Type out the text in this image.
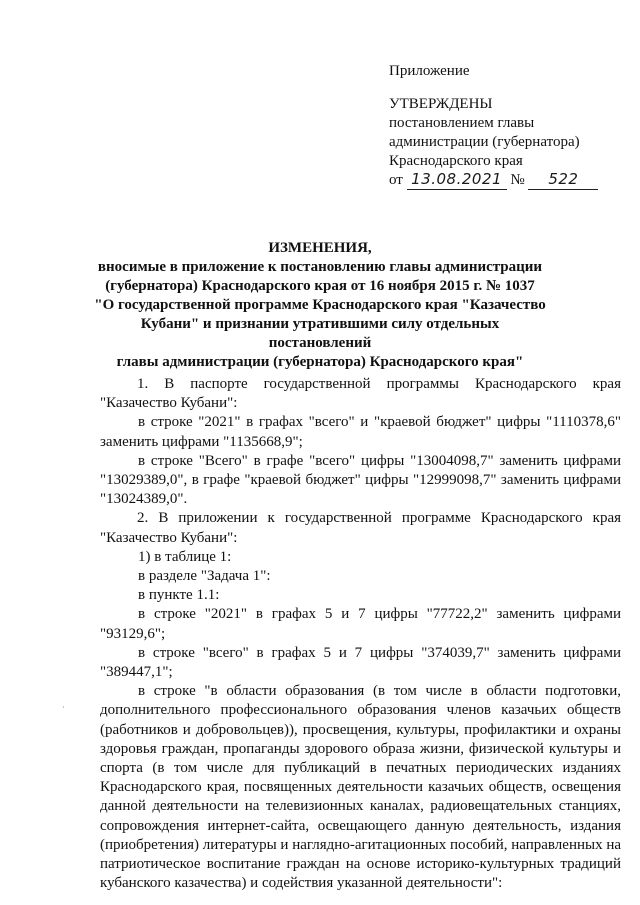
Приложение
УТВЕРЖДЕНЫ
постановлением главы
администрации (губернатора)
Краснодарского края
от 13.08.2021 № 522
ИЗМЕНЕНИЯ,
вносимые в приложение к постановлению главы администрации
(губернатора) Краснодарского края от 16 ноября 2015 г. № 1037
"О государственной программе Краснодарского края "Казачество
Кубани" и признании утратившими силу отдельных постановлений
главы администрации (губернатора) Краснодарского края"

1. В паспорте государственной программы Краснодарского края "Казачество Кубани":

в строке "2021" в графах "всего" и "краевой бюджет" цифры "1110378,6" заменить цифрами "1135668,9";

в строке "Всего" в графе "всего" цифры "13004098,7" заменить цифрами "13029389,0", в графе "краевой бюджет" цифры "12999098,7" заменить цифрами "13024389,0".

2. В приложении к государственной программе Краснодарского края "Казачество Кубани":

1) в таблице 1:

в разделе "Задача 1":

в пункте 1.1:

в строке "2021" в графах 5 и 7 цифры "77722,2" заменить цифрами "93129,6";

в строке "всего" в графах 5 и 7 цифры "374039,7" заменить цифрами "389447,1";

в строке "в области образования (в том числе в области подготовки, дополнительного профессионального образования членов казачьих обществ (работников и добровольцев)), просвещения, культуры, профилактики и охраны здоровья граждан, пропаганды здорового образа жизни, физической культуры и спорта (в том числе для публикаций в печатных периодических изданиях Краснодарского края, посвященных деятельности казачьих обществ, освещения данной деятельности на телевизионных каналах, радиовещательных станциях, сопровождения интернет-сайта, освещающего данную деятельность, издания (приобретения) литературы и наглядно-агитационных пособий, направленных на патриотическое воспитание граждан на основе историко-культурных традиций кубанского казачества) и содействия указанной деятельности":

·
